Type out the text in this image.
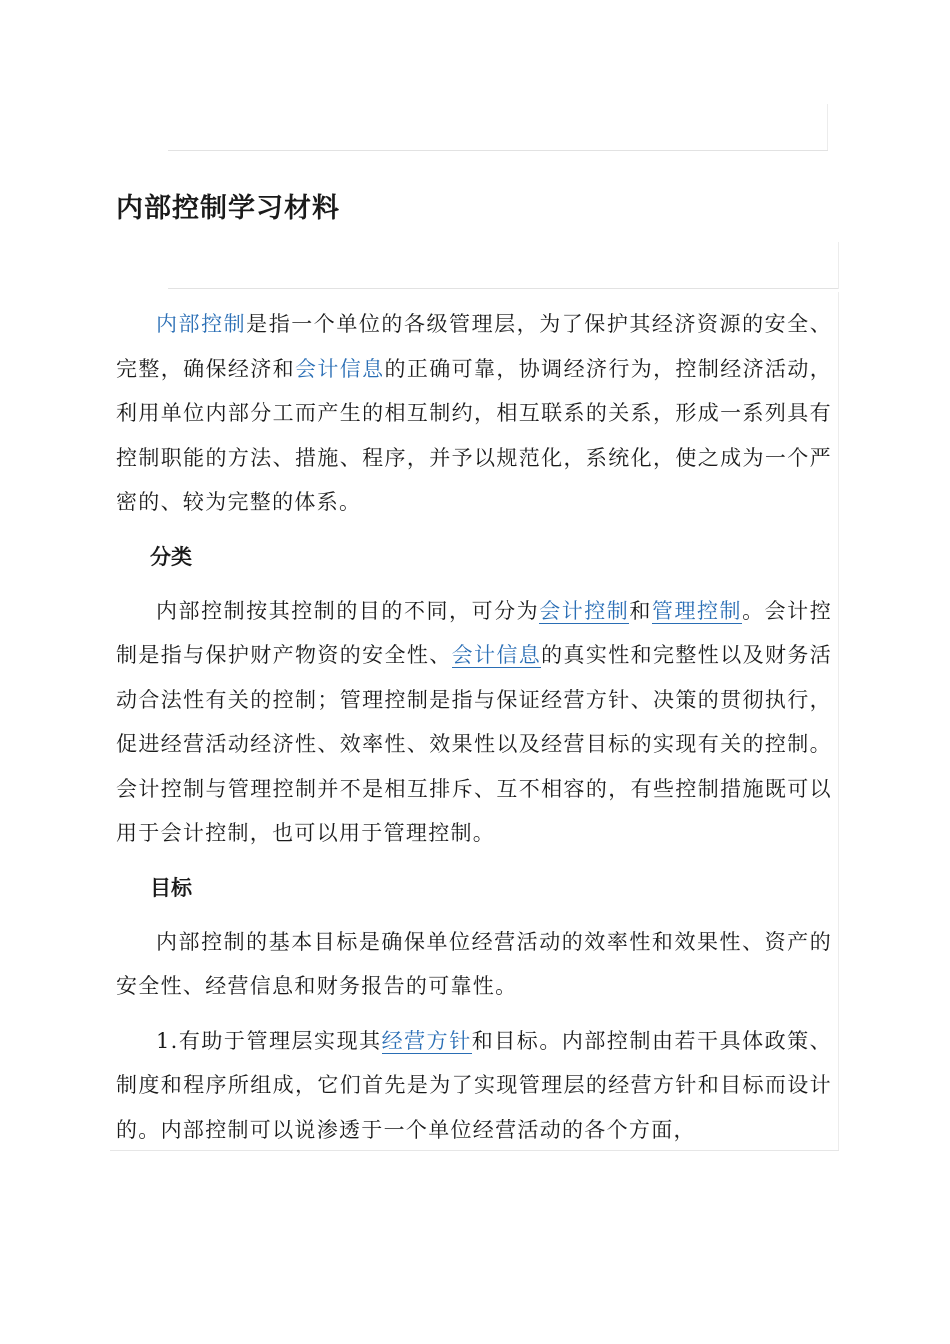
内部控制学习材料

内部控制是指一个单位的各级管理层，为了保护其经济资源的安全、完整，确保经济和会计信息的正确可靠，协调经济行为，控制经济活动，利用单位内部分工而产生的相互制约，相互联系的关系，形成一系列具有控制职能的方法、措施、程序，并予以规范化，系统化，使之成为一个严密的、较为完整的体系。

分类

内部控制按其控制的目的不同，可分为会计控制和管理控制。会计控制是指与保护财产物资的安全性、会计信息的真实性和完整性以及财务活动合法性有关的控制；管理控制是指与保证经营方针、决策的贯彻执行，促进经营活动经济性、效率性、效果性以及经营目标的实现有关的控制。会计控制与管理控制并不是相互排斥、互不相容的，有些控制措施既可以用于会计控制，也可以用于管理控制。

目标

内部控制的基本目标是确保单位经营活动的效率性和效果性、资产的安全性、经营信息和财务报告的可靠性。

1.有助于管理层实现其经营方针和目标。内部控制由若干具体政策、制度和程序所组成，它们首先是为了实现管理层的经营方针和目标而设计的。内部控制可以说渗透于一个单位经营活动的各个方面，
